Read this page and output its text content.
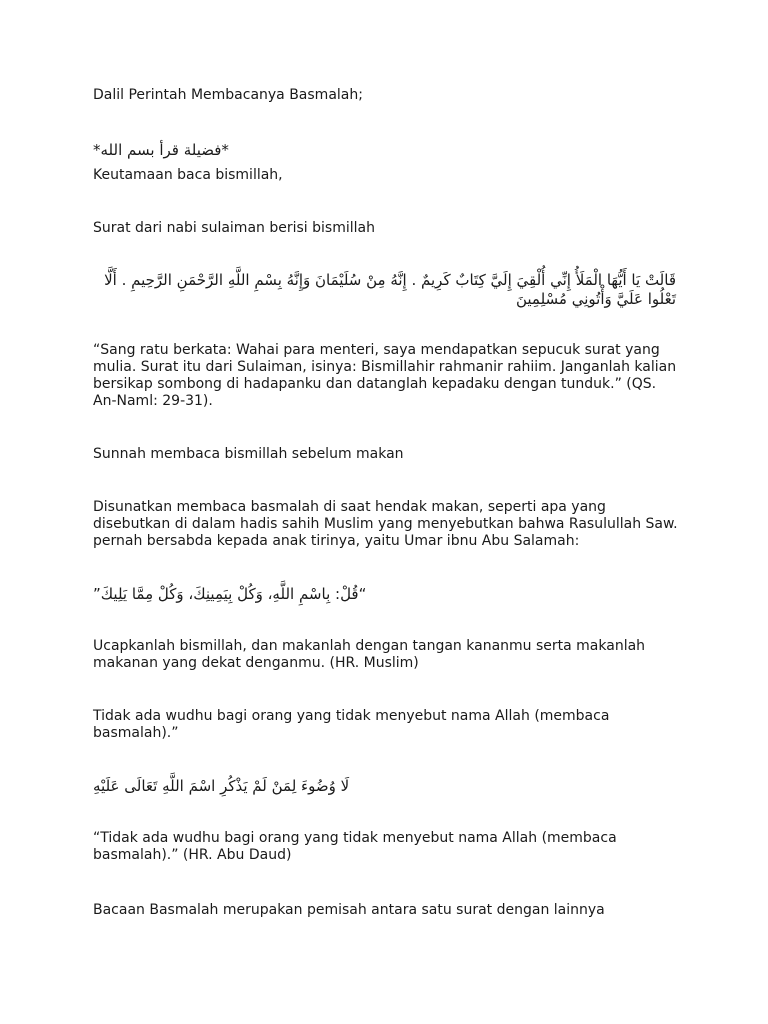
Dalil Perintah Membacanya Basmalah;

*فضيلة قرأ بسم الله*

Keutamaan baca bismillah,

Surat dari nabi sulaiman berisi bismillah

قَالَتْ يَا أَيُّهَا الْمَلَأُ إِنِّي أُلْقِيَ إِلَيَّ كِتَابٌ كَرِيمٌ . إِنَّهُ مِنْ سُلَيْمَانَ وَإِنَّهُ بِسْمِ اللَّهِ الرَّحْمَنِ الرَّحِيمِ . أَلَّا تَعْلُوا عَلَيَّ وَأْتُونِي مُسْلِمِينَ

“Sang ratu berkata: Wahai para menteri, saya mendapatkan sepucuk surat yang mulia. Surat itu dari Sulaiman, isinya: Bismillahir rahmanir rahiim. Janganlah kalian bersikap sombong di hadapanku dan datanglah kepadaku dengan tunduk.” (QS. An-Naml: 29-31).

Sunnah membaca bismillah sebelum makan

Disunatkan membaca basmalah di saat hendak makan, seperti apa yang disebutkan di dalam hadis sahih Muslim yang menyebutkan bahwa Rasulullah Saw. pernah bersabda kepada anak tirinya, yaitu Umar ibnu Abu Salamah:

“قُلْ: بِاسْمِ اللَّهِ، وَكُلْ بِيَمِينِكَ، وَكُلْ مِمَّا يَلِيكَ”

Ucapkanlah bismillah, dan makanlah dengan tangan kananmu serta makanlah makanan yang dekat denganmu. (HR. Muslim)

Tidak ada wudhu bagi orang yang tidak menyebut nama Allah (membaca basmalah).”

لَا وُضُوءَ لِمَنْ لَمْ يَذْكُرِ اسْمَ اللَّهِ تَعَالَى عَلَيْهِ

“Tidak ada wudhu bagi orang yang tidak menyebut nama Allah (membaca basmalah).” (HR. Abu Daud)

Bacaan Basmalah merupakan pemisah antara satu surat dengan lainnya
